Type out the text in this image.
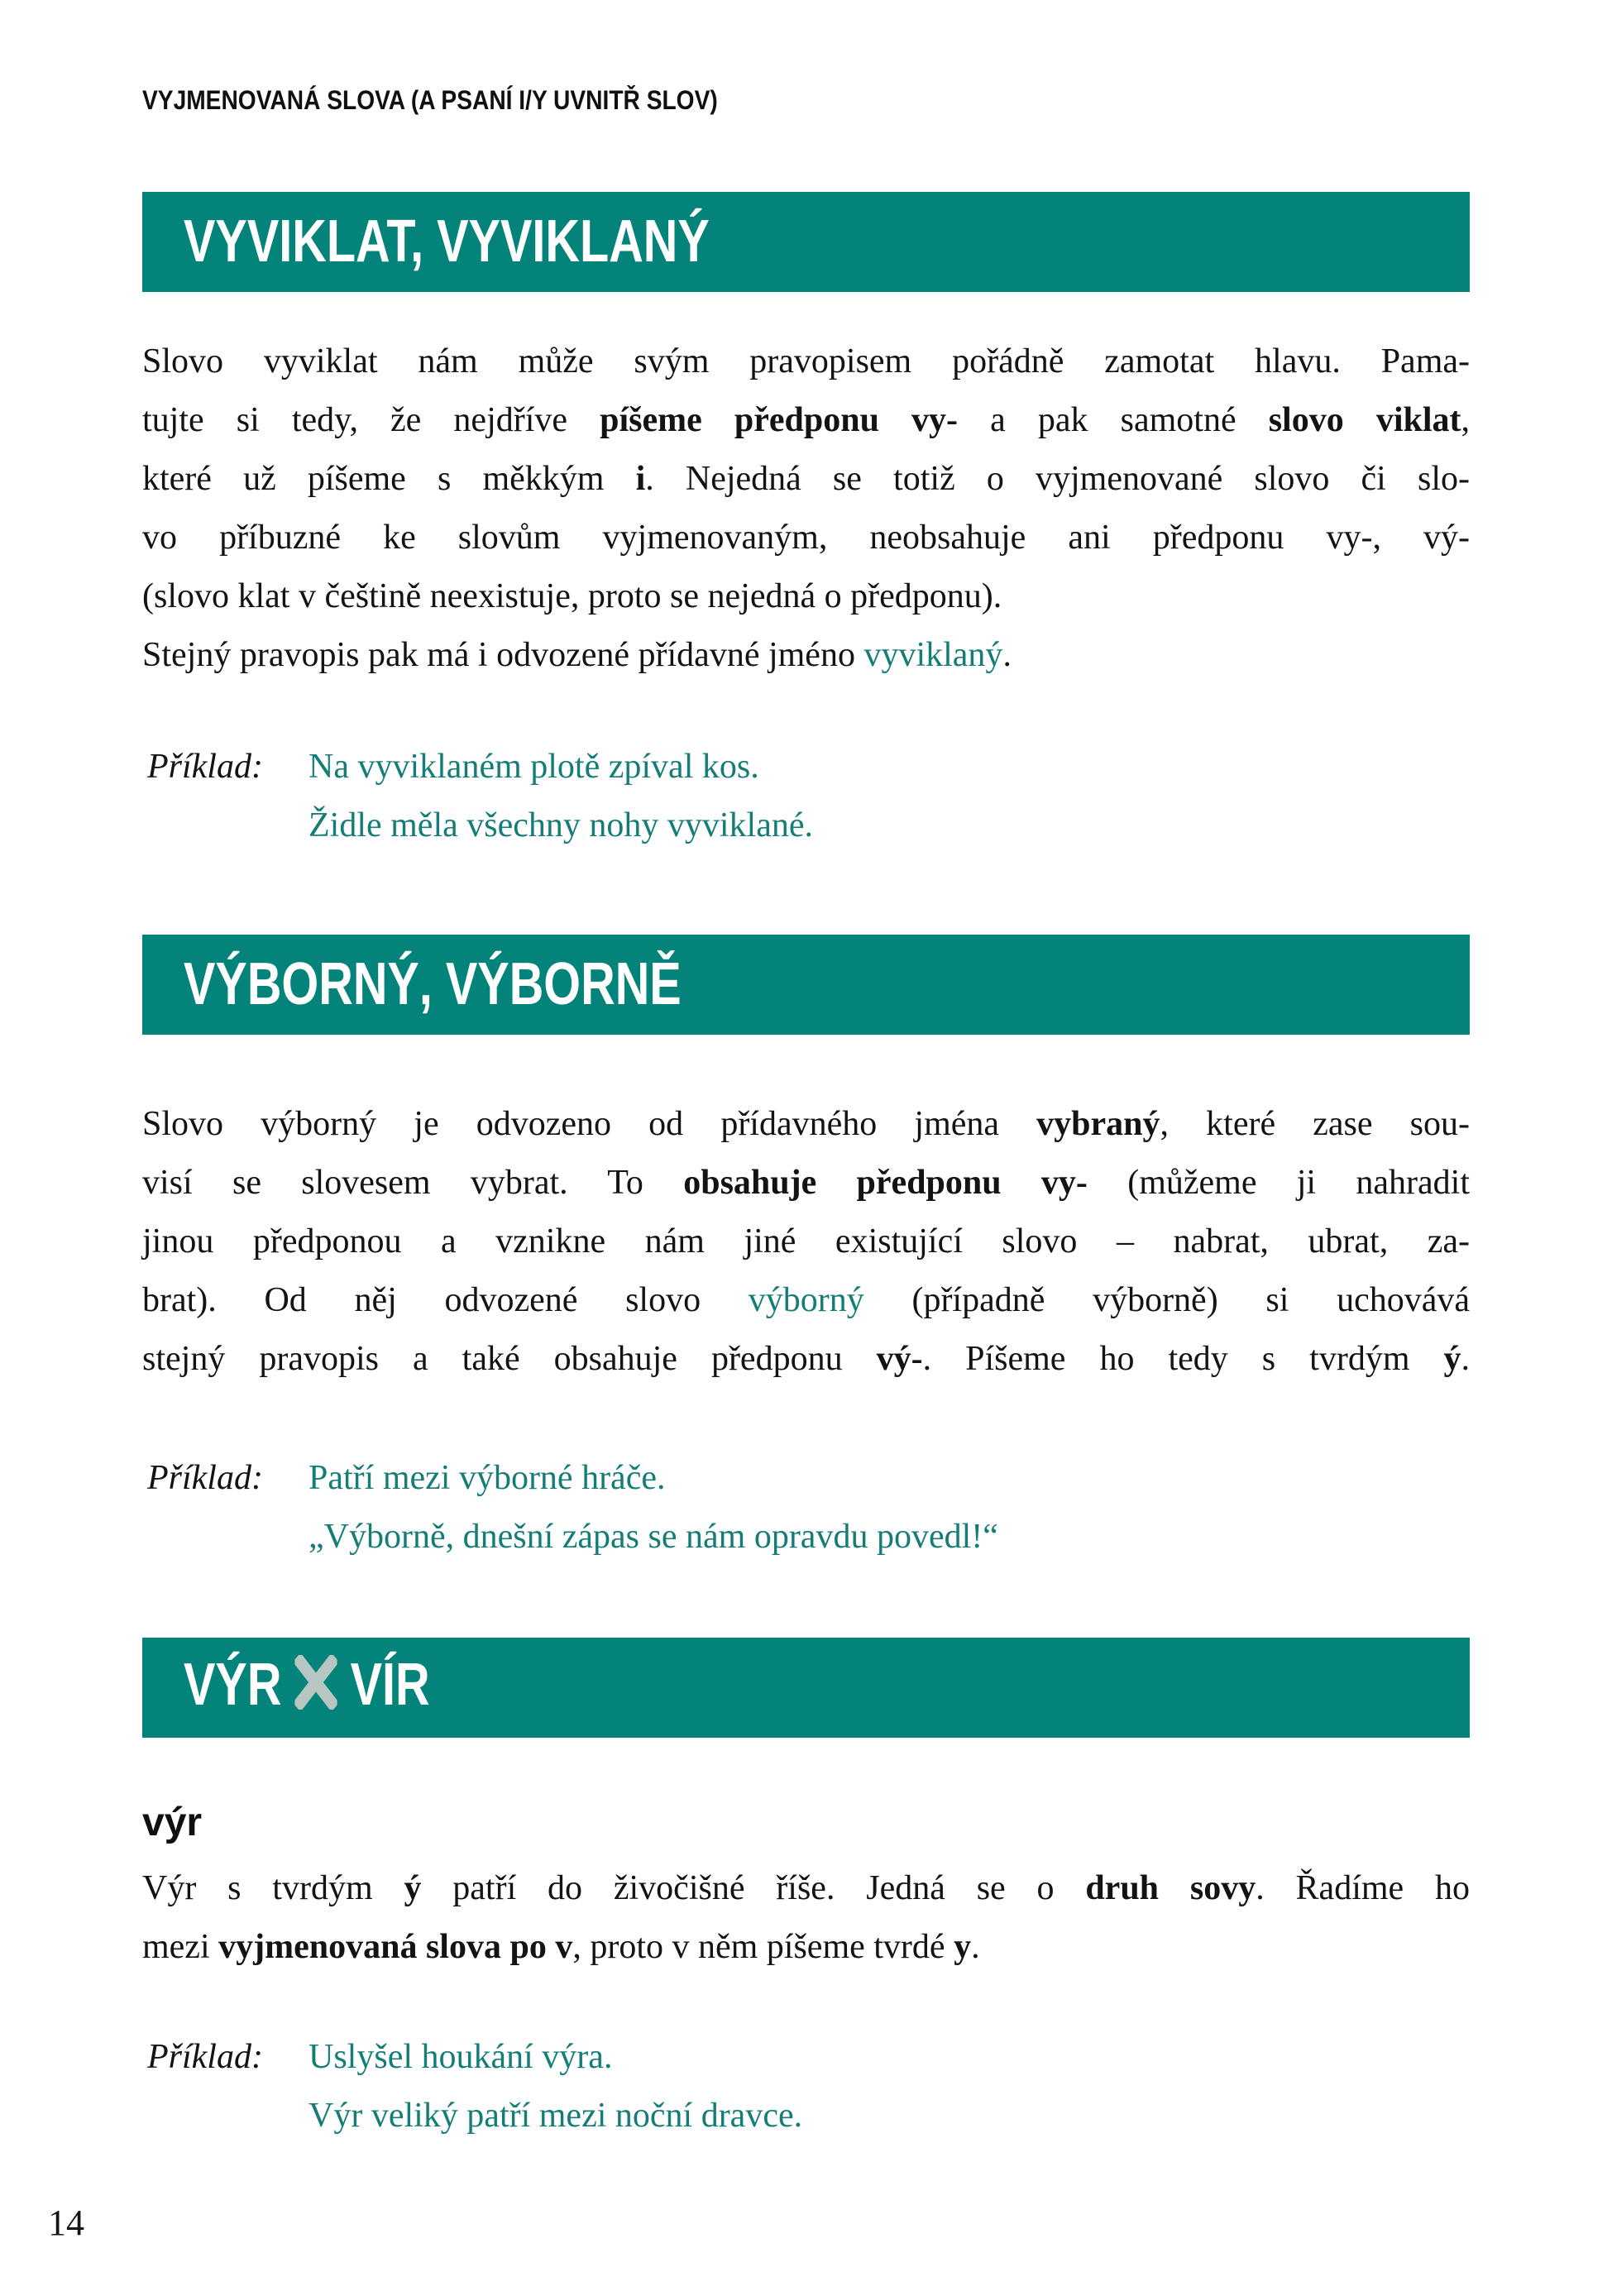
VYJMENOVANÁ SLOVA (A PSANÍ I/Y UVNITŘ SLOV)
VYVIKLAT, VYVIKLANÝ
Slovo vyviklat nám může svým pravopisem pořádně zamotat hlavu. Pama-
tujte si tedy, že nejdříve píšeme předponu vy- a pak samotné slovo viklat,
které už píšeme s měkkým i. Nejedná se totiž o vyjmenované slovo či slo-
vo příbuzné ke slovům vyjmenovaným, neobsahuje ani předponu vy-, vý-
(slovo klat v češtině neexistuje, proto se nejedná o předponu).
Stejný pravopis pak má i odvozené přídavné jméno vyviklaný.
Příklad: Na vyviklaném plotě zpíval kos.
Židle měla všechny nohy vyviklané.
VÝBORNÝ, VÝBORNĚ
Slovo výborný je odvozeno od přídavného jména vybraný, které zase sou-
visí se slovesem vybrat. To obsahuje předponu vy- (můžeme ji nahradit
jinou předponou a vznikne nám jiné existující slovo – nabrat, ubrat, za-
brat). Od něj odvozené slovo výborný (případně výborně) si uchovává
stejný pravopis a také obsahuje předponu vý-. Píšeme ho tedy s tvrdým ý.
Příklad: Patří mezi výborné hráče.
„Výborně, dnešní zápas se nám opravdu povedl!“
VÝR VÍR
výr
Výr s tvrdým ý patří do živočišné říše. Jedná se o druh sovy. Řadíme ho
mezi vyjmenovaná slova po v, proto v něm píšeme tvrdé y.
Příklad: Uslyšel houkání výra.
Výr veliký patří mezi noční dravce.
14
